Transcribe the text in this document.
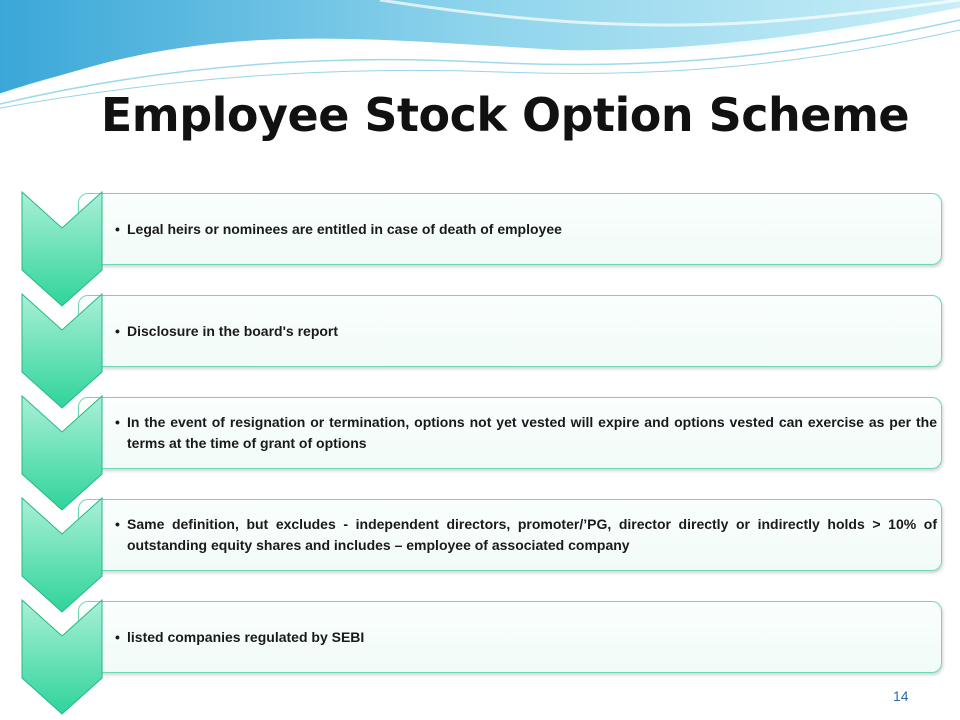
Employee Stock Option Scheme
• Legal heirs or nominees are entitled in case of death of employee
• Disclosure in the board's report
• In the event of resignation or termination, options not yet vested will expire and options vested can exercise as per the terms at the time of grant of options
• Same definition, but excludes - independent directors, promoter/’PG, director directly or indirectly holds > 10% of outstanding equity shares and includes – employee of associated company
• listed companies regulated by SEBI
14
